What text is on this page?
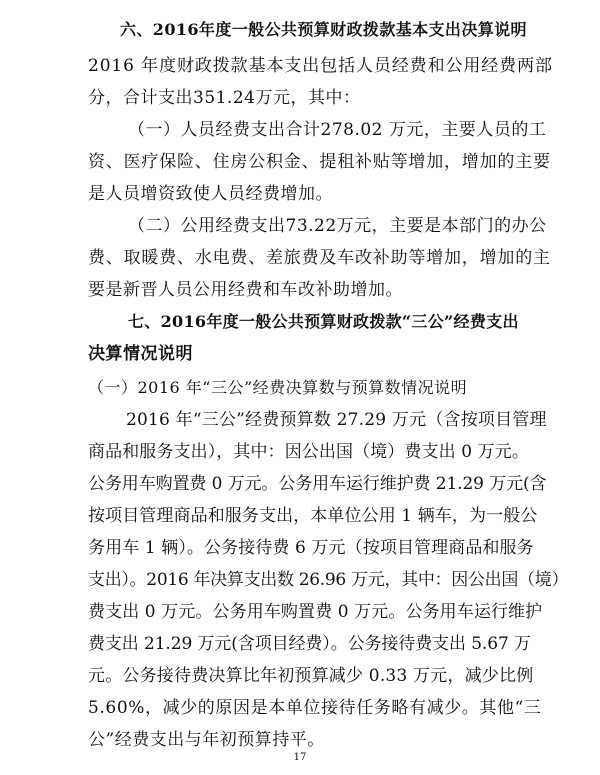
六、2016年度一般公共预算财政拨款基本支出决算说明
2016 年度财政拨款基本支出包括人员经费和公用经费两部
分，合计支出351.24万元，其中：
（一）人员经费支出合计278.02 万元，主要人员的工
资、医疗保险、住房公积金、提租补贴等增加，增加的主要
是人员增资致使人员经费增加。
（二）公用经费支出73.22万元，主要是本部门的办公
费、取暖费、水电费、差旅费及车改补助等增加，增加的主
要是新晋人员公用经费和车改补助增加。
七、2016年度一般公共预算财政拨款“三公”经费支出
决算情况说明
（一）2016 年“三公”经费决算数与预算数情况说明
2016 年“三公”经费预算数 27.29 万元（含按项目管理
商品和服务支出），其中：因公出国（境）费支出 0 万元。
公务用车购置费 0 万元。公务用车运行维护费 21.29 万元(含
按项目管理商品和服务支出，本单位公用 1 辆车，为一般公
务用车 1 辆）。公务接待费 6 万元（按项目管理商品和服务
支出）。2016 年决算支出数 26.96 万元，其中：因公出国（境）
费支出 0 万元。公务用车购置费 0 万元。公务用车运行维护
费支出 21.29 万元(含项目经费）。公务接待费支出 5.67 万
元。公务接待费决算比年初预算减少 0.33 万元，减少比例
5.60%，减少的原因是本单位接待任务略有减少。其他“三
公”经费支出与年初预算持平。
17
